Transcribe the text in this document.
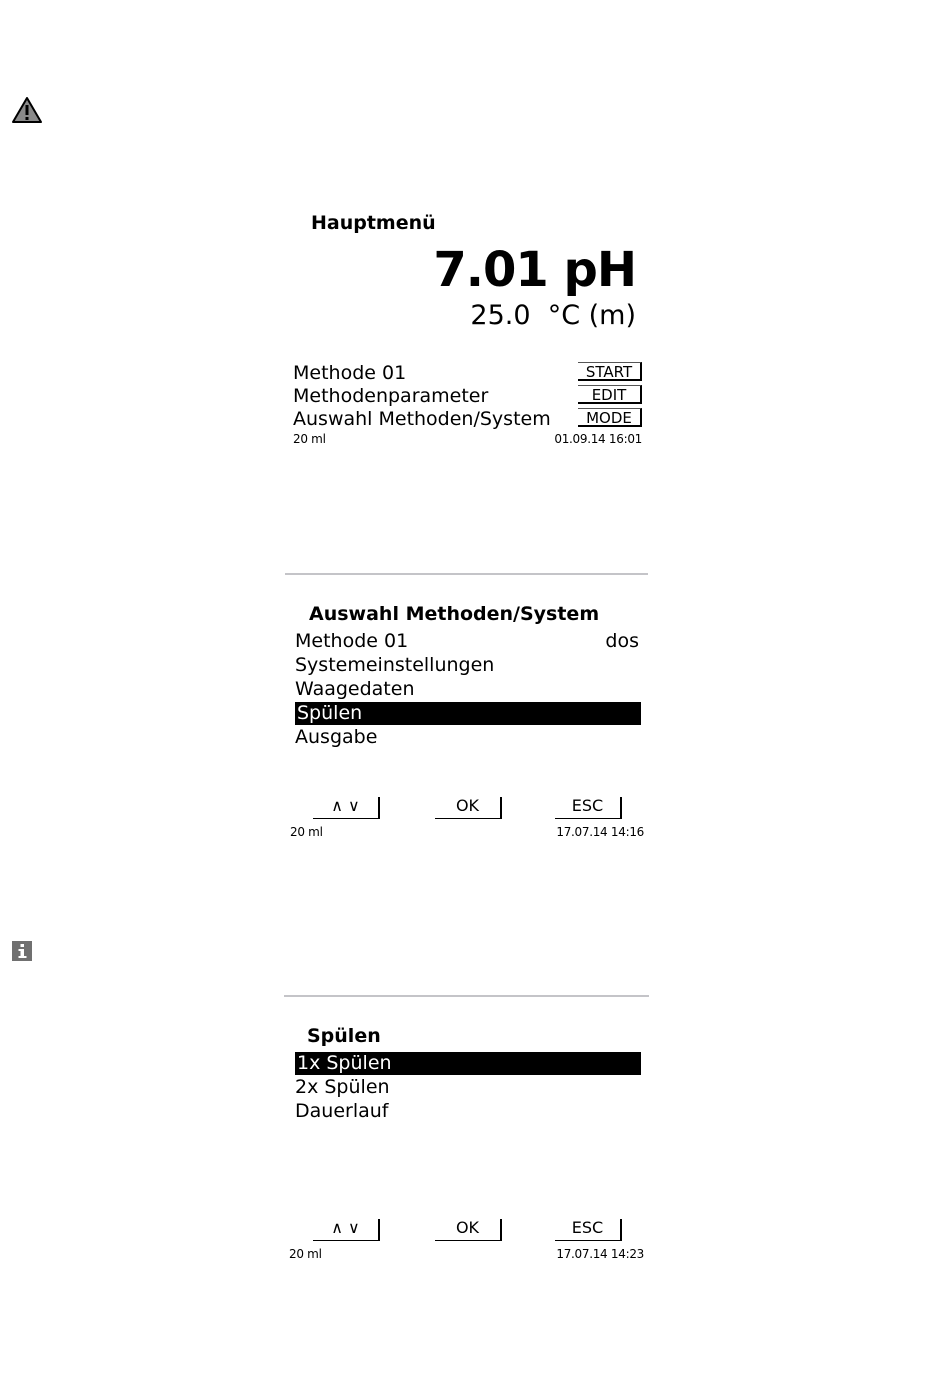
Hauptmenü
7.01 pH
25.0  °C (m)
Methode 01	START
Methodenparameter	EDIT
Auswahl Methoden/System	MODE
20 ml	01.09.14 16:01
Auswahl Methoden/System
Methode 01	dos
Systemeinstellungen
Waagedaten
Spülen
Ausgabe
∧ ∨	OK	ESC
20 ml	17.07.14 14:16
Spülen
1x Spülen
2x Spülen
Dauerlauf
∧ ∨	OK	ESC
20 ml	17.07.14 14:23
